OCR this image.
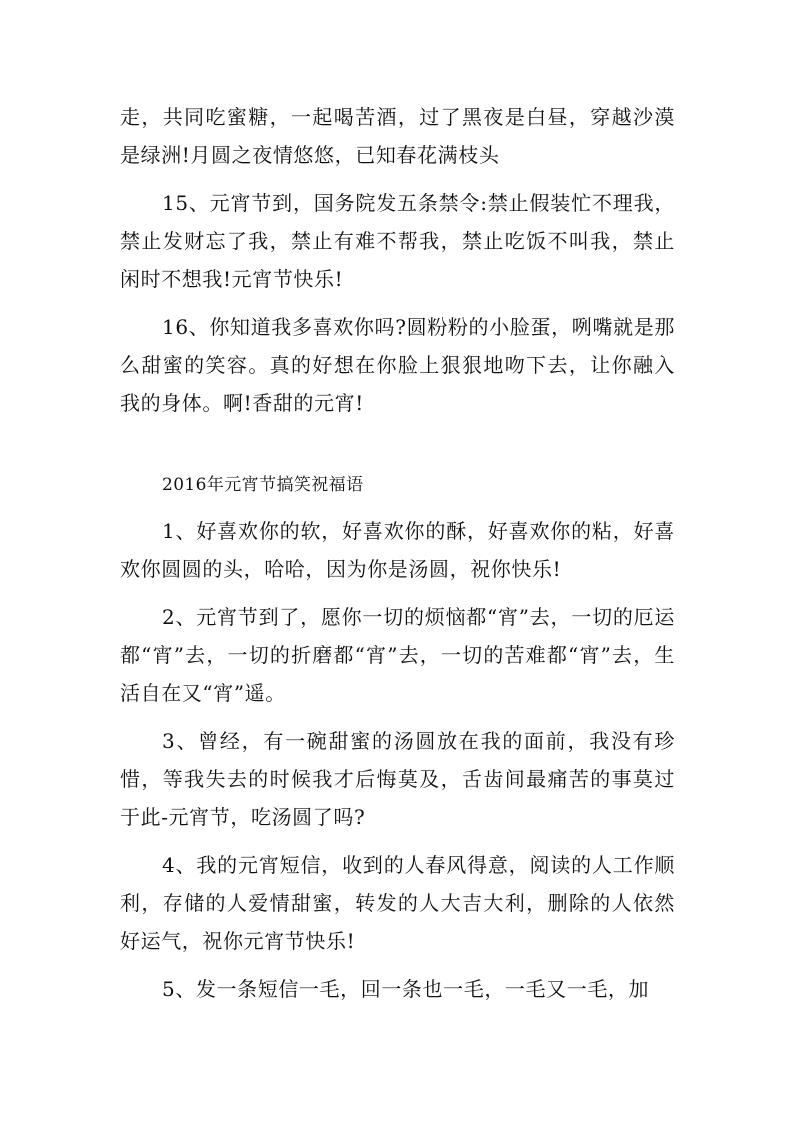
走，共同吃蜜糖，一起喝苦酒，过了黑夜是白昼，穿越沙漠是绿洲!月圆之夜情悠悠，已知春花满枝头

15、元宵节到，国务院发五条禁令:禁止假装忙不理我，禁止发财忘了我，禁止有难不帮我，禁止吃饭不叫我，禁止闲时不想我!元宵节快乐!

16、你知道我多喜欢你吗?圆粉粉的小脸蛋，咧嘴就是那么甜蜜的笑容。真的好想在你脸上狠狠地吻下去，让你融入我的身体。啊!香甜的元宵!

2016年元宵节搞笑祝福语

1、好喜欢你的软，好喜欢你的酥，好喜欢你的粘，好喜欢你圆圆的头，哈哈，因为你是汤圆，祝你快乐!

2、元宵节到了，愿你一切的烦恼都“宵”去，一切的厄运都“宵”去，一切的折磨都“宵”去，一切的苦难都“宵”去，生活自在又“宵”遥。

3、曾经，有一碗甜蜜的汤圆放在我的面前，我没有珍惜，等我失去的时候我才后悔莫及，舌齿间最痛苦的事莫过于此-元宵节，吃汤圆了吗?

4、我的元宵短信，收到的人春风得意，阅读的人工作顺利，存储的人爱情甜蜜，转发的人大吉大利，删除的人依然好运气，祝你元宵节快乐!

5、发一条短信一毛，回一条也一毛，一毛又一毛，加
